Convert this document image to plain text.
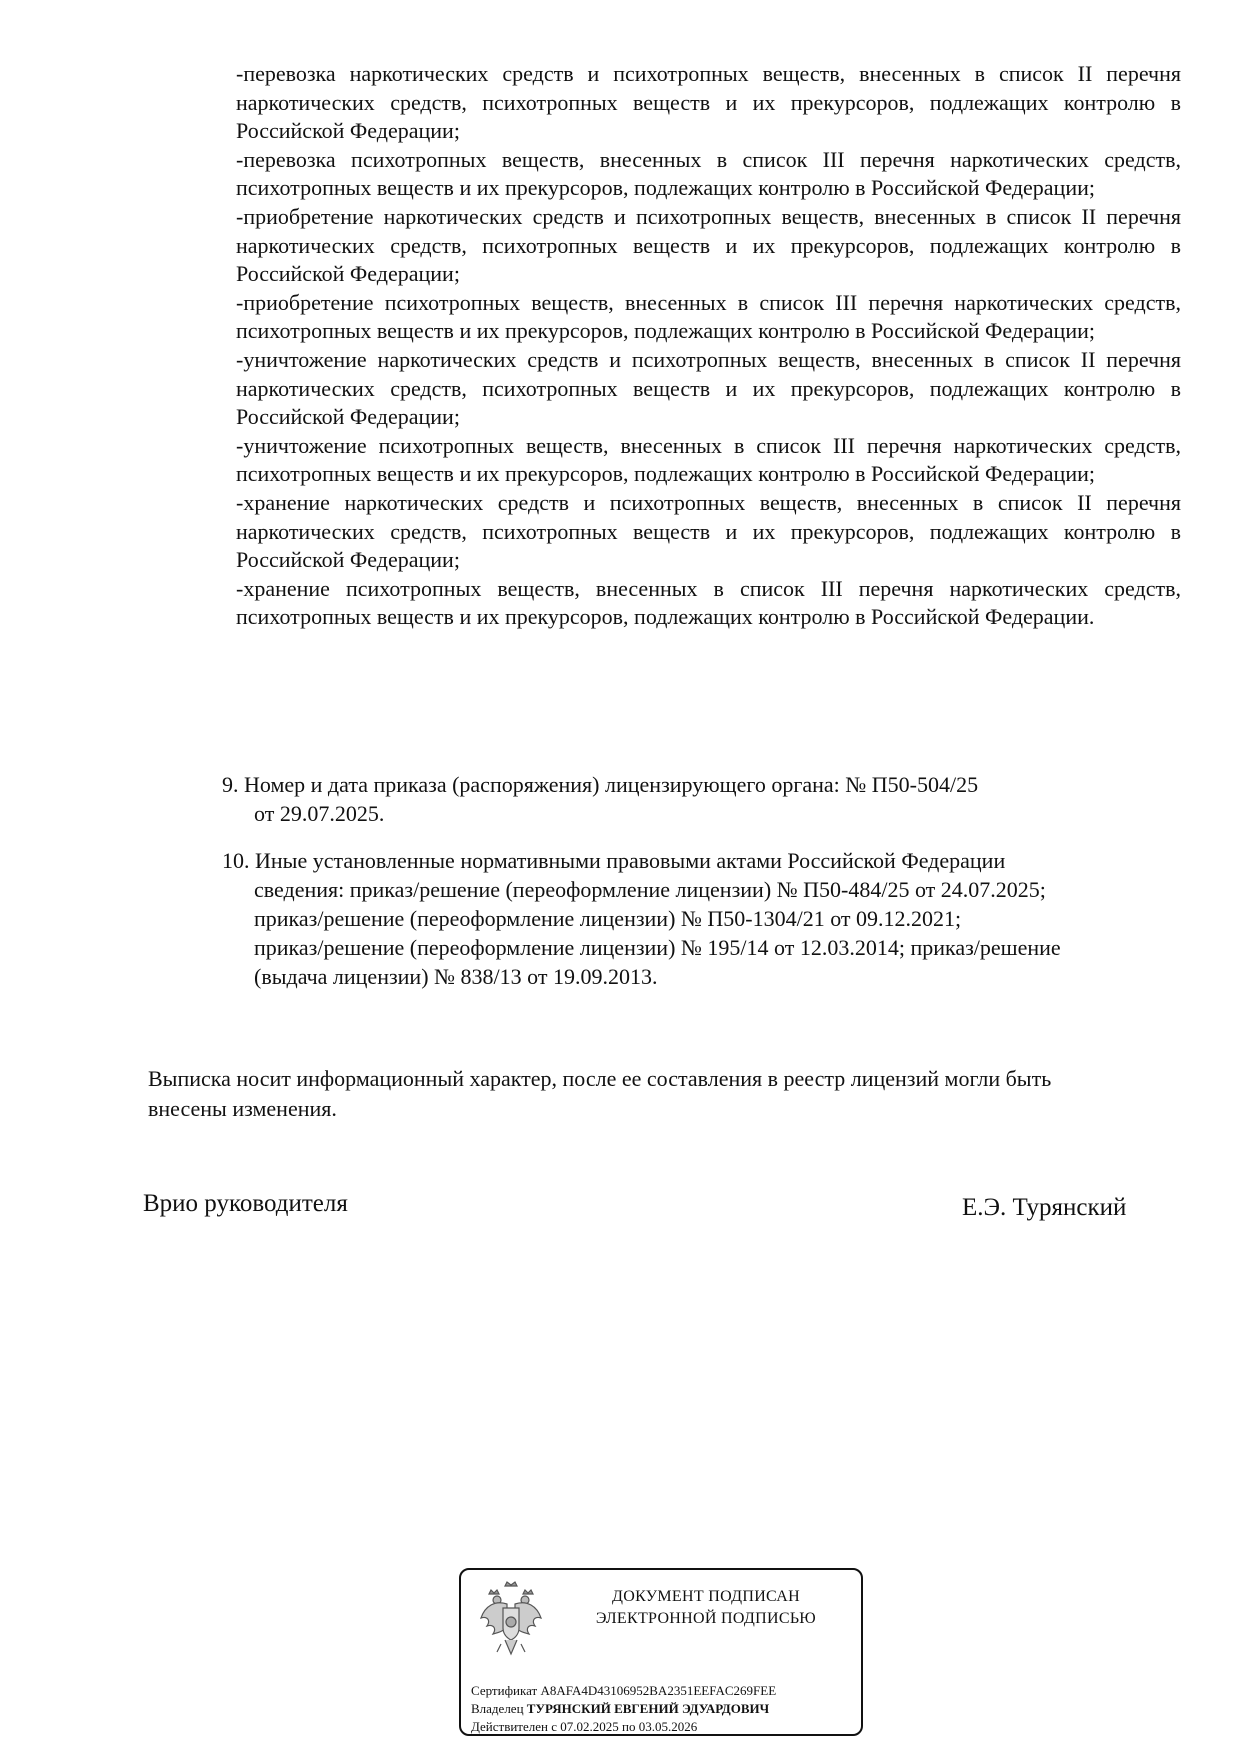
-перевозка наркотических средств и психотропных веществ, внесенных в список II перечня наркотических средств, психотропных веществ и их прекурсоров, подлежащих контролю в Российской Федерации;
-перевозка психотропных веществ, внесенных в список III перечня наркотических средств, психотропных веществ и их прекурсоров, подлежащих контролю в Российской Федерации;
-приобретение наркотических средств и психотропных веществ, внесенных в список II перечня наркотических средств, психотропных веществ и их прекурсоров, подлежащих контролю в Российской Федерации;
-приобретение психотропных веществ, внесенных в список III перечня наркотических средств, психотропных веществ и их прекурсоров, подлежащих контролю в Российской Федерации;
-уничтожение наркотических средств и психотропных веществ, внесенных в список II перечня наркотических средств, психотропных веществ и их прекурсоров, подлежащих контролю в Российской Федерации;
-уничтожение психотропных веществ, внесенных в список III перечня наркотических средств, психотропных веществ и их прекурсоров, подлежащих контролю в Российской Федерации;
-хранение наркотических средств и психотропных веществ, внесенных в список II перечня наркотических средств, психотропных веществ и их прекурсоров, подлежащих контролю в Российской Федерации;
-хранение психотропных веществ, внесенных в список III перечня наркотических средств, психотропных веществ и их прекурсоров, подлежащих контролю в Российской Федерации.
9. Номер и дата приказа (распоряжения) лицензирующего органа: № П50-504/25
от 29.07.2025.
10. Иные установленные нормативными правовыми актами Российской Федерации
сведения: приказ/решение (переоформление лицензии) № П50-484/25 от 24.07.2025;
приказ/решение (переоформление лицензии) № П50-1304/21 от 09.12.2021;
приказ/решение (переоформление лицензии) № 195/14 от 12.03.2014; приказ/решение
(выдача лицензии) № 838/13 от 19.09.2013.
Выписка носит информационный характер, после ее составления в реестр лицензий могли быть
внесены изменения.
Врио руководителя	Е.Э. Турянский
ДОКУМЕНТ ПОДПИСАН
ЭЛЕКТРОННОЙ ПОДПИСЬЮ
Сертификат A8AFA4D43106952BA2351EEFAC269FEE
Владелец ТУРЯНСКИЙ ЕВГЕНИЙ ЭДУАРДОВИЧ
Действителен с 07.02.2025 по 03.05.2026
